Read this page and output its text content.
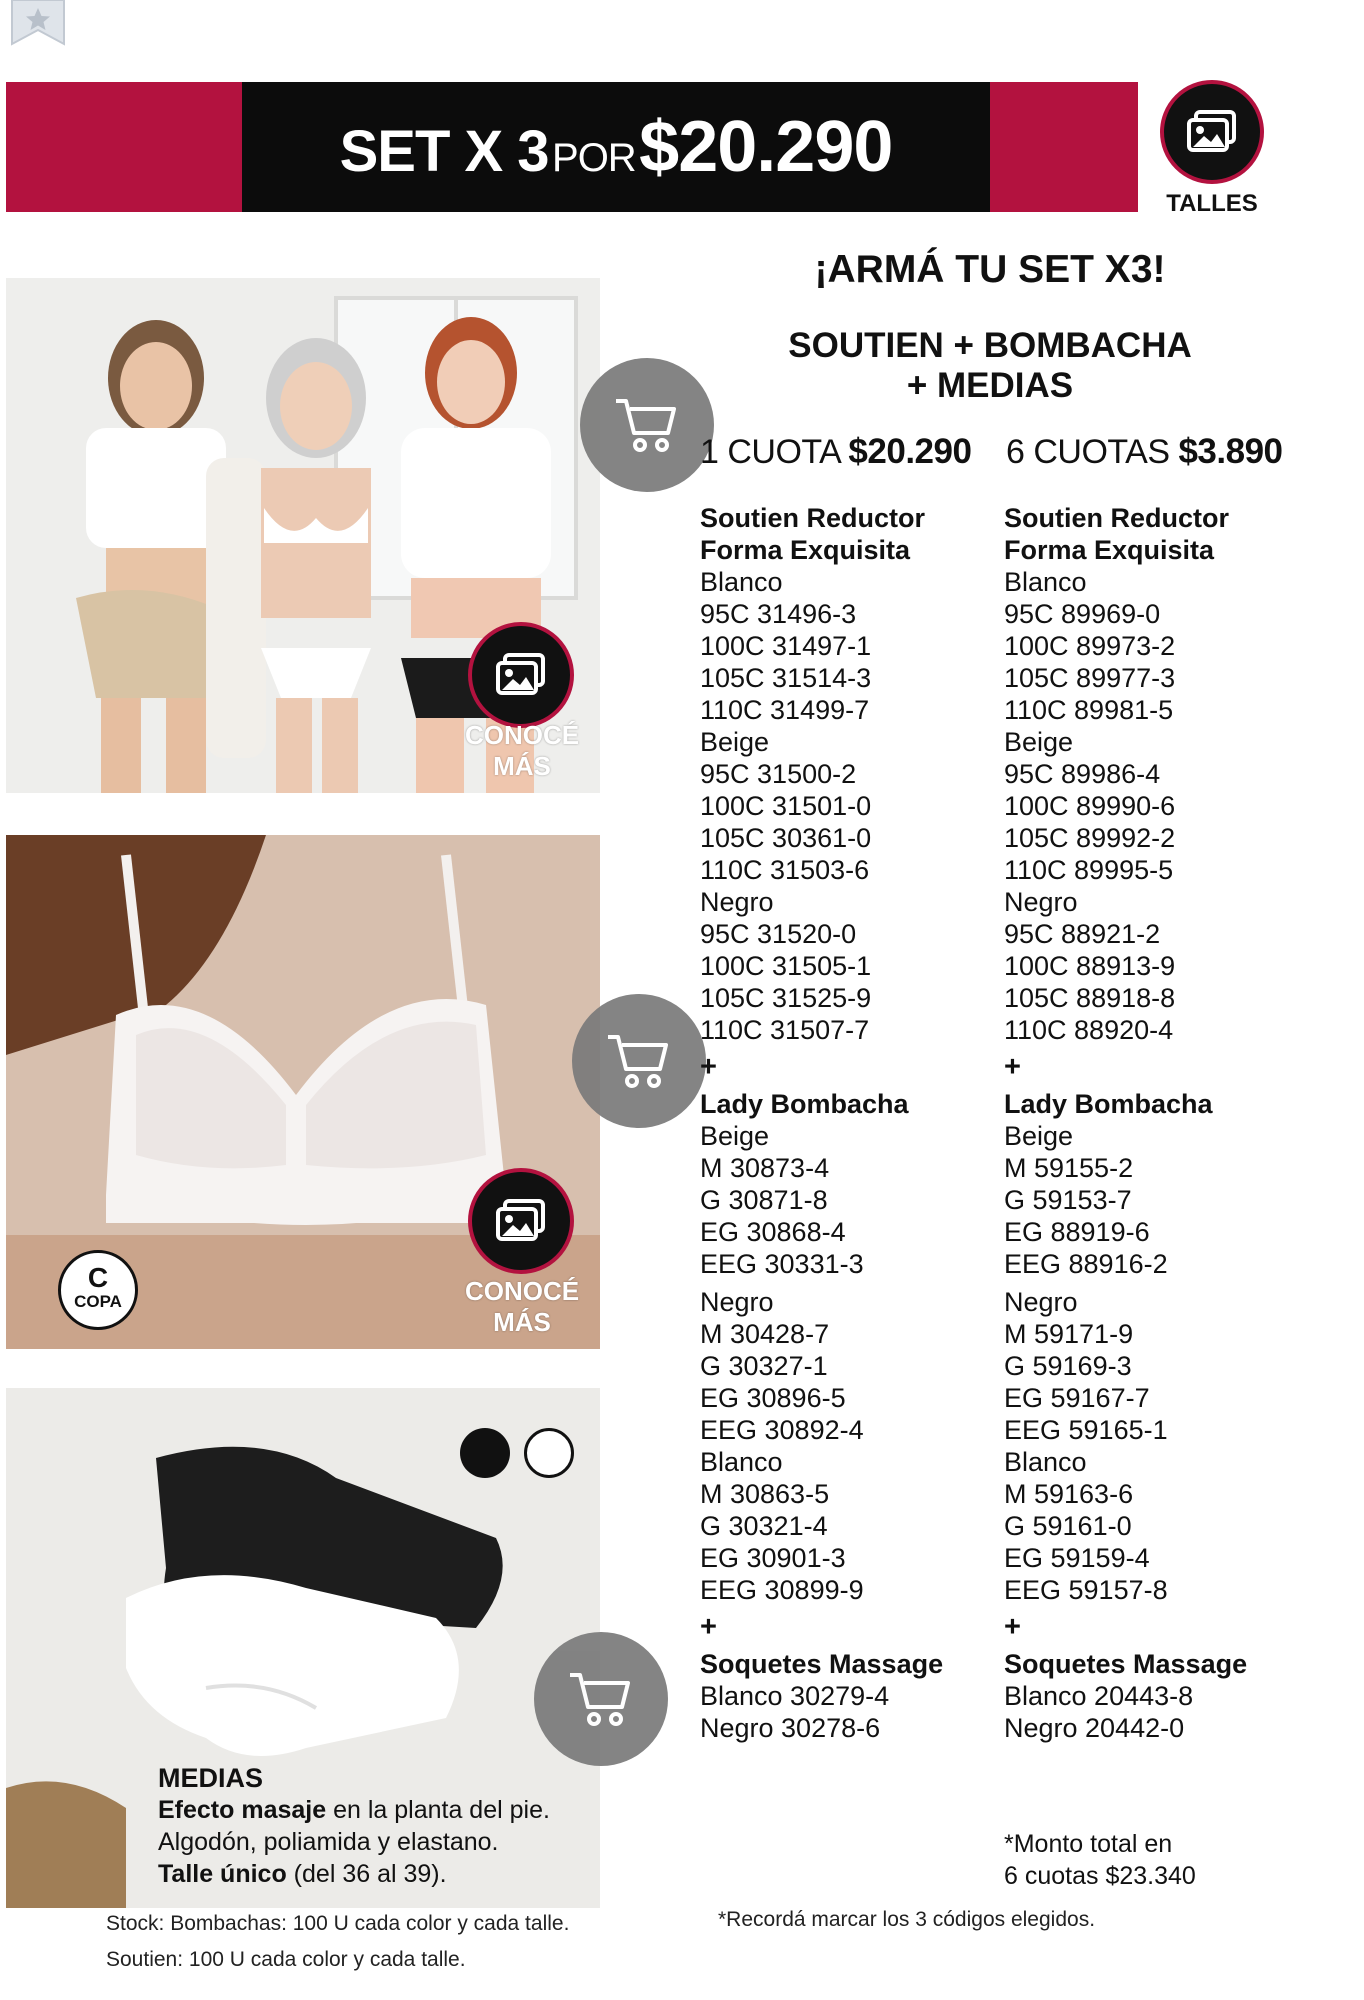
SET X 3 POR $20.290
TALLES
CONOCÉ
MÁS
C
COPA	CONOCÉ
MÁS
MEDIAS
Efecto masaje en la planta del pie.
Algodón, poliamida y elastano.
Talle único (del 36 al 39).
Stock: Bombachas: 100 U cada color y cada talle.
Soutien: 100 U cada color y cada talle.
¡ARMÁ TU SET X3!
SOUTIEN + BOMBACHA
+ MEDIAS
1 CUOTA $20.290 6 CUOTAS $3.890
Soutien Reductor
Forma Exquisita
Blanco
95C 31496-3
100C 31497-1
105C 31514-3
110C 31499-7
Beige
95C 31500-2
100C 31501-0
105C 30361-0
110C 31503-6
Negro
95C 31520-0
100C 31505-1
105C 31525-9
110C 31507-7
+
Lady Bombacha
Beige
M 30873-4
G 30871-8
EG 30868-4
EEG 30331-3
Negro
M 30428-7
G 30327-1
EG 30896-5
EEG 30892-4
Blanco
M 30863-5
G 30321-4
EG 30901-3
EEG 30899-9
+
Soquetes Massage
Blanco 30279-4
Negro 30278-6
Soutien Reductor
Forma Exquisita
Blanco
95C 89969-0
100C 89973-2
105C 89977-3
110C 89981-5
Beige
95C 89986-4
100C 89990-6
105C 89992-2
110C 89995-5
Negro
95C 88921-2
100C 88913-9
105C 88918-8
110C 88920-4
+
Lady Bombacha
Beige
M 59155-2
G 59153-7
EG 88919-6
EEG 88916-2
Negro
M 59171-9
G 59169-3
EG 59167-7
EEG 59165-1
Blanco
M 59163-6
G 59161-0
EG 59159-4
EEG 59157-8
+
Soquetes Massage
Blanco 20443-8
Negro 20442-0
*Monto total en
6 cuotas $23.340
*Recordá marcar los 3 códigos elegidos.
